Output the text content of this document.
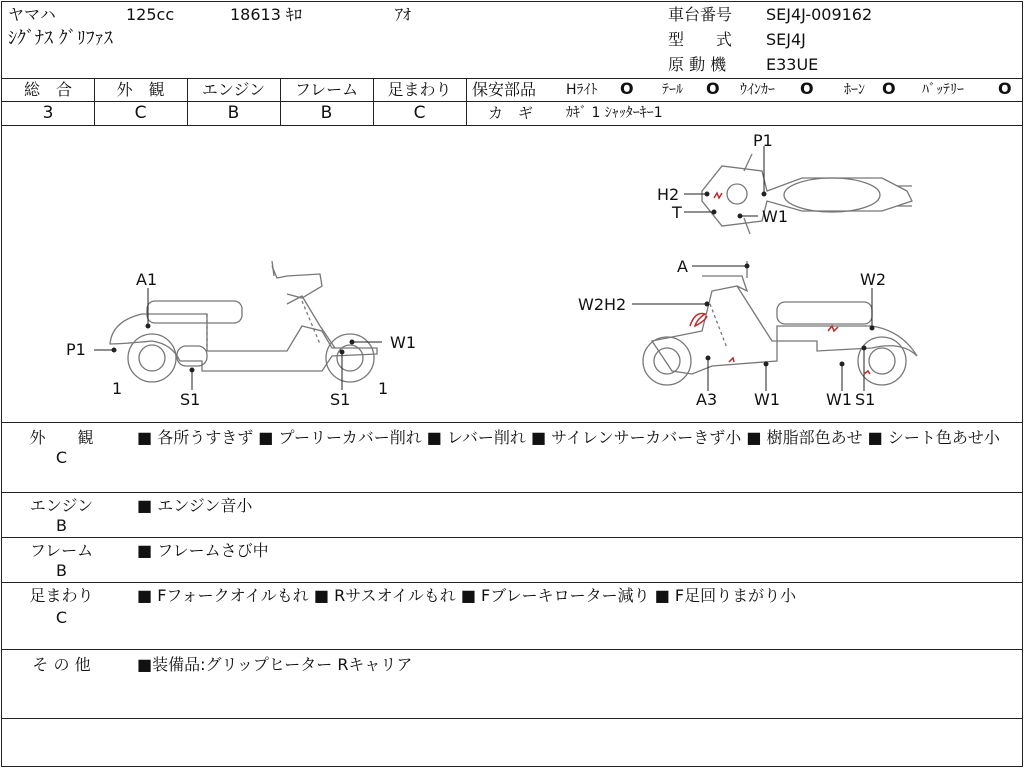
ヤマハ	125cc	18613 ｷﾛ	ｱｵ
ｼｸﾞﾅｽ ｸﾞﾘﾌｧｽ
車台番号 SEJ4J-009162
型　　式 SEJ4J
原 動 機 E33UE
総　合	外　観	エンジン	フレーム	足まわり
3	C	B	B	C
保安部品 Hﾗｲﾄ O ﾃｰﾙ O ｳｲﾝｶｰ O ﾎｰﾝ O ﾊﾞｯﾃﾘｰ O
カ　ギ ｶｷﾞ 1 ｼｬｯﾀｰｷｰ1
A1
P1	W1
S1	S1
1	1
P1
H2
T	W1
A
W2
W2H2
A3 W1	W1 S1
外　　観
C
■ 各所うすきず ■ プーリーカバー削れ ■ レバー削れ ■ サイレンサーカバーきず小 ■ 樹脂部色あせ ■ シート色あせ小
エンジン
B
■ エンジン音小
フレーム
B
■ フレームさび中
足まわり
C
■ Fフォークオイルもれ ■ Rサスオイルもれ ■ Fブレーキローター減り ■ F足回りまがり小
そ の 他	■装備品:グリップヒーター Rキャリア
